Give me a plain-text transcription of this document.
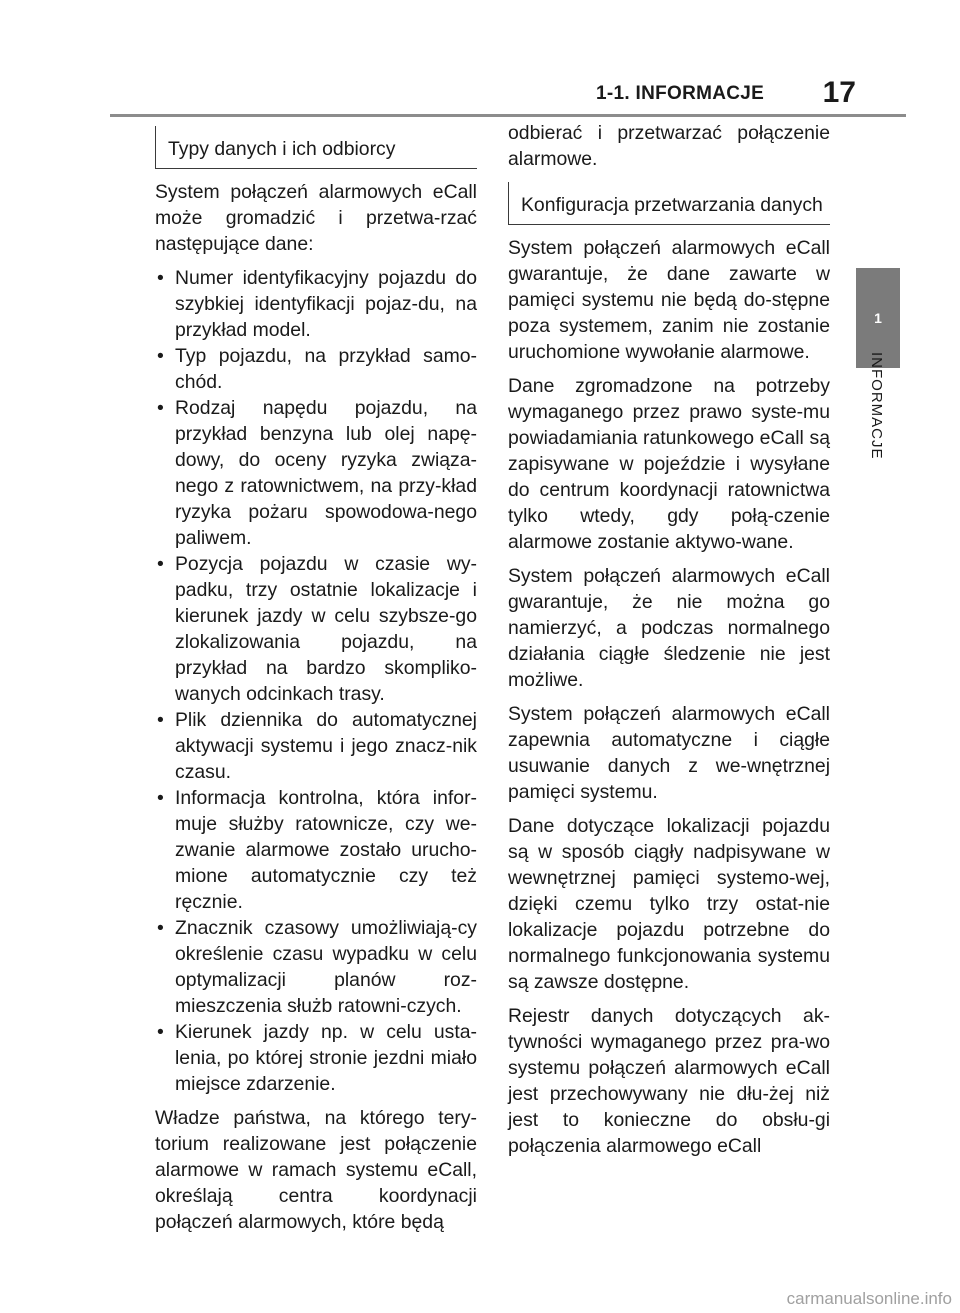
1-1. INFORMACJE	17
1
INFORMACJE
Typy danych i ich odbiorcy

System połączeń alarmowych eCall może gromadzić i przetwa-rzać następujące dane:

• Numer identyfikacyjny pojazdu do szybkiej identyfikacji pojaz-du, na przykład model.
• Typ pojazdu, na przykład samo-chód.
• Rodzaj napędu pojazdu, na przykład benzyna lub olej napę-dowy, do oceny ryzyka związa-nego z ratownictwem, na przy-kład ryzyka pożaru spowodowa-nego paliwem.
• Pozycja pojazdu w czasie wy-padku, trzy ostatnie lokalizacje i kierunek jazdy w celu szybsze-go zlokalizowania pojazdu, na przykład na bardzo skompliko-wanych odcinkach trasy.
• Plik dziennika do automatycznej aktywacji systemu i jego znacz-nik czasu.
• Informacja kontrolna, która infor-muje służby ratownicze, czy we-zwanie alarmowe zostało urucho-mione automatycznie czy też ręcznie.
• Znacznik czasowy umożliwiają-cy określenie czasu wypadku w celu optymalizacji planów roz-mieszczenia służb ratowni-czych.
• Kierunek jazdy np. w celu usta-lenia, po której stronie jezdni miało miejsce zdarzenie.

Władze państwa, na którego tery-torium realizowane jest połączenie alarmowe w ramach systemu eCall, określają centra koordynacji połączeń alarmowych, które będą

odbierać i przetwarzać połączenie alarmowe.

Konfiguracja przetwarzania danych

System połączeń alarmowych eCall gwarantuje, że dane zawarte w pamięci systemu nie będą do-stępne poza systemem, zanim nie zostanie uruchomione wywołanie alarmowe.

Dane zgromadzone na potrzeby wymaganego przez prawo syste-mu powiadamiania ratunkowego eCall są zapisywane w pojeździe i wysyłane do centrum koordynacji ratownictwa tylko wtedy, gdy połą-czenie alarmowe zostanie aktywo-wane.

System połączeń alarmowych eCall gwarantuje, że nie można go namierzyć, a podczas normalnego działania ciągłe śledzenie nie jest możliwe.

System połączeń alarmowych eCall zapewnia automatyczne i ciągłe usuwanie danych z we-wnętrznej pamięci systemu.

Dane dotyczące lokalizacji pojazdu są w sposób ciągły nadpisywane w wewnętrznej pamięci systemo-wej, dzięki czemu tylko trzy ostat-nie lokalizacje pojazdu potrzebne do normalnego funkcjonowania systemu są zawsze dostępne.

Rejestr danych dotyczących ak-tywności wymaganego przez pra-wo systemu połączeń alarmowych eCall jest przechowywany nie dłu-żej niż jest to konieczne do obsłu-gi połączenia alarmowego eCall

carmanualsonline.info
